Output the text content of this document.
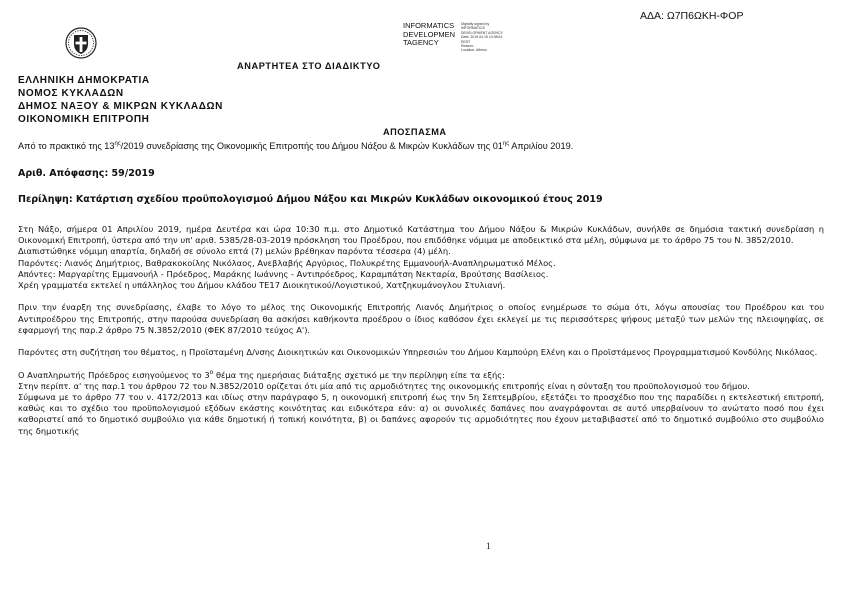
ΑΔΑ: Ω7Π6ΩΚΗ-ΦΟΡ
INFORMATICS
DEVELOPMEN
TAGENCY
Digitally signed by
INFORMATICS
DEVELOPMENT AGENCY
Date: 2019.04.15 14:08:51
EEST
Reason:
Location: Athens
ΑΝΑΡΤΗΤΕΑ ΣΤΟ ΔΙΑΔΙΚΤΥΟ
ΕΛΛΗΝΙΚΗ ΔΗΜΟΚΡΑΤΙΑ
ΝΟΜΟΣ ΚΥΚΛΑΔΩΝ
ΔΗΜΟΣ ΝΑΞΟΥ & ΜΙΚΡΩΝ ΚΥΚΛΑΔΩΝ
ΟΙΚΟΝΟΜΙΚΗ ΕΠΙΤΡΟΠΗ
ΑΠΟΣΠΑΣΜΑ
Από το πρακτικό της $13^{\eta\varsigma}/2019$ συνεδρίασης της Οικονομικής Επιτροπής του Δήμου Νάξου & Μικρών Κυκλάδων της $01^{\eta\varsigma}$ Απριλίου 2019.
Αριθ. Απόφασης: 59/2019
Περίληψη: Κατάρτιση σχεδίου προϋπολογισμού Δήμου Νάξου και Μικρών Κυκλάδων οικονομικού έτους 2019

Στη Νάξο, σήμερα 01 Απριλίου 2019, ημέρα Δευτέρα και ώρα 10:30 π.μ. στο Δημοτικό Κατάστημα του Δήμου Νάξου & Μικρών Κυκλάδων, συνήλθε σε δημόσια τακτική συνεδρίαση η Οικονομική Επιτροπή, ύστερα από την υπ' αριθ. 5385/28-03-2019 πρόσκληση του Προέδρου, που επιδόθηκε νόμιμα με αποδεικτικό στα μέλη, σύμφωνα με το άρθρο 75 του Ν. 3852/2010.

Διαπιστώθηκε νόμιμη απαρτία, δηλαδή σε σύνολο επτά (7) μελών βρέθηκαν παρόντα τέσσερα (4) μέλη.

Παρόντες: Λιανός Δημήτριος, Βαθρακοκοίλης Νικόλαος, Ανεβλαβής Αργύριος, Πολυκρέτης Εμμανουήλ-Αναπληρωματικό Μέλος.

Απόντες: Μαργαρίτης Εμμανουήλ - Πρόεδρος, Μαράκης Ιωάννης - Αντιπρόεδρος, Καραμπάτση Νεκταρία, Βρούτσης Βασίλειος.

Χρέη γραμματέα εκτελεί η υπάλληλος του Δήμου κλάδου ΤΕ17 Διοικητικού/Λογιστικού, Χατζηκυμάνογλου Στυλιανή.

Πριν την έναρξη της συνεδρίασης, έλαβε το λόγο το μέλος της Οικονομικής Επιτροπής Λιανός Δημήτριος ο οποίος ενημέρωσε το σώμα ότι, λόγω απουσίας του Προέδρου και του Αντιπροέδρου της Επιτροπής, στην παρούσα συνεδρίαση θα ασκήσει καθήκοντα προέδρου ο ίδιος καθόσον έχει εκλεγεί με τις περισσότερες ψήφους μεταξύ των μελών της πλειοψηφίας, σε εφαρμογή της παρ.2 άρθρο 75 Ν.3852/2010 (ΦΕΚ 87/2010 τεύχος Α').

Παρόντες στη συζήτηση του θέματος, η Προϊσταμένη Δ/νσης Διοικητικών και Οικονομικών Υπηρεσιών του Δήμου Καμπούρη Ελένη και ο Προϊστάμενος Προγραμματισμού Κονδύλης Νικόλαος.

Ο Αναπληρωτής Πρόεδρος εισηγούμενος το $3^o$ θέμα της ημερήσιας διάταξης σχετικό με την περίληψη είπε τα εξής:

Στην περίπτ. α' της παρ.1 του άρθρου 72 του Ν.3852/2010 ορίζεται ότι μία από τις αρμοδιότητες της οικονομικής επιτροπής είναι η σύνταξη του προϋπολογισμού του δήμου.

Σύμφωνα με το άρθρο 77 του ν. 4172/2013 και ιδίως στην παράγραφο 5, η οικονομική επιτροπή έως την 5η Σεπτεμβρίου, εξετάζει το προσχέδιο που της παραδίδει η εκτελεστική επιτροπή, καθώς και το σχέδιο του προϋπολογισμού εξόδων εκάστης κοινότητας και ειδικότερα εάν: α) οι συνολικές δαπάνες που αναγράφονται σε αυτό υπερβαίνουν το ανώτατο ποσό που έχει καθοριστεί από το δημοτικό συμβούλιο για κάθε δημοτική ή τοπική κοινότητα, β) οι δαπάνες αφορούν τις αρμοδιότητες που έχουν μεταβιβαστεί από το δημοτικό συμβούλιο στο συμβούλιο της δημοτικής

1
